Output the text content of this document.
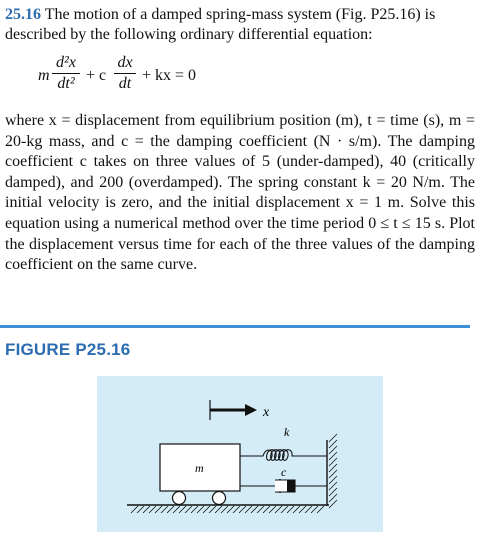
25.16 The motion of a damped spring-mass system (Fig. P25.16) is described by the following ordinary differential equation:
m
d²x
dt² + c
dx
dt + kx = 0
where x = displacement from equilibrium position (m), t = time (s), m = 20-kg mass, and c = the damping coefficient (N · s/m). The damping coefficient c takes on three values of 5 (under-damped), 40 (critically damped), and 200 (overdamped). The spring constant k = 20 N/m. The initial velocity is zero, and the initial displacement x = 1 m. Solve this equation using a numerical method over the time period 0 ≤ t ≤ 15 s. Plot the displacement versus time for each of the three values of the damping coefficient on the same curve.
FIGURE P25.16
x
m
k
c
